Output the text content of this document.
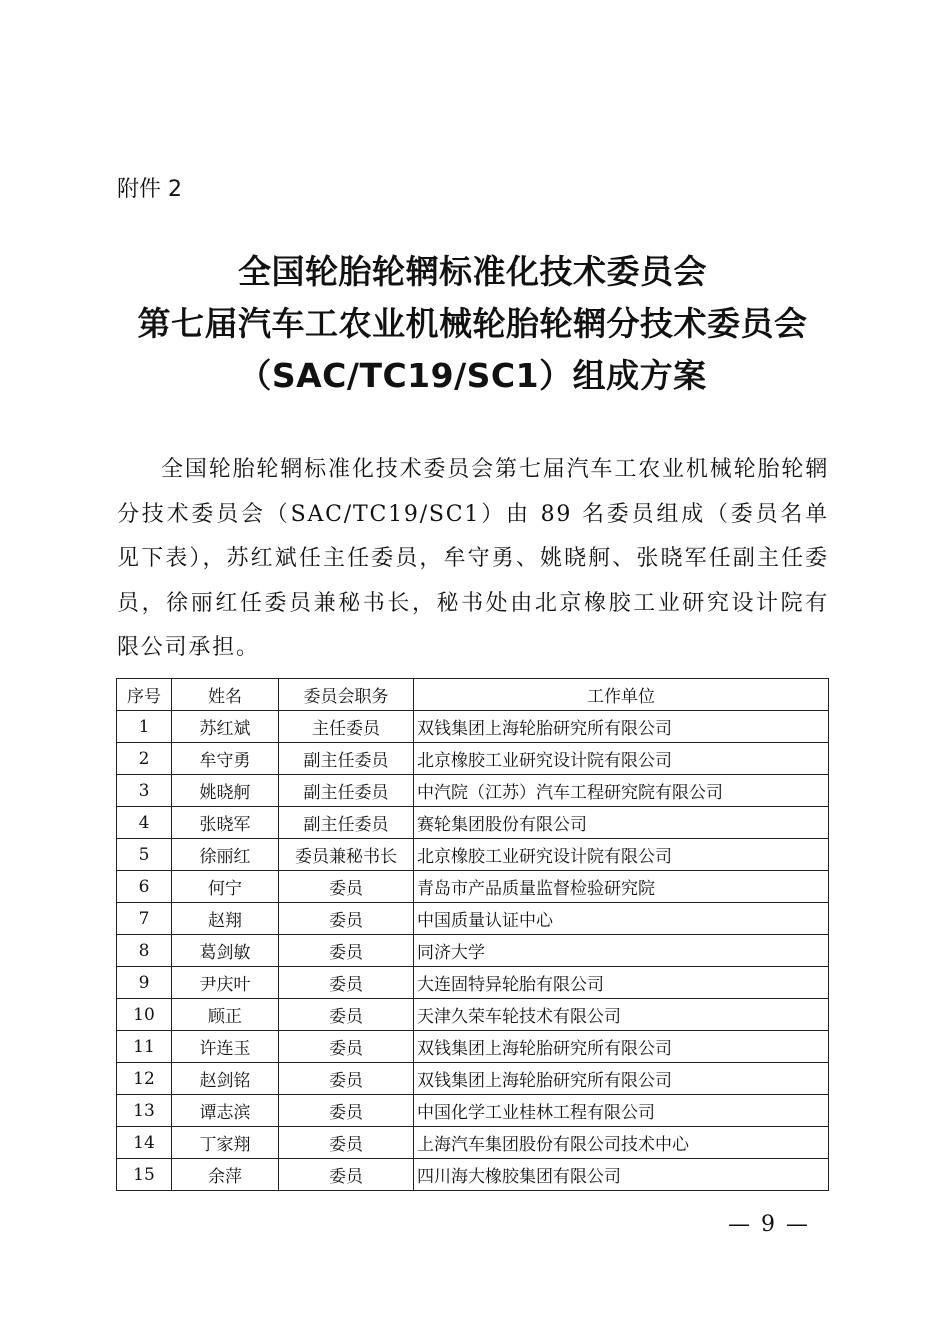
附件 2
全国轮胎轮辋标准化技术委员会
第七届汽车工农业机械轮胎轮辋分技术委员会
（SAC/TC19/SC1）组成方案
全国轮胎轮辋标准化技术委员会第七届汽车工农业机械轮胎轮辋分技术委员会（SAC/TC19/SC1）由 89 名委员组成（委员名单见下表），苏红斌任主任委员，牟守勇、姚晓舸、张晓军任副主任委员，徐丽红任委员兼秘书长，秘书处由北京橡胶工业研究设计院有限公司承担。
序号	姓名	委员会职务	工作单位
1	苏红斌	主任委员	双钱集团上海轮胎研究所有限公司
2	牟守勇	副主任委员	北京橡胶工业研究设计院有限公司
3	姚晓舸	副主任委员	中汽院（江苏）汽车工程研究院有限公司
4	张晓军	副主任委员	赛轮集团股份有限公司
5	徐丽红	委员兼秘书长	北京橡胶工业研究设计院有限公司
6	何宁	委员	青岛市产品质量监督检验研究院
7	赵翔	委员	中国质量认证中心
8	葛剑敏	委员	同济大学
9	尹庆叶	委员	大连固特异轮胎有限公司
10	顾正	委员	天津久荣车轮技术有限公司
11	许连玉	委员	双钱集团上海轮胎研究所有限公司
12	赵剑铭	委员	双钱集团上海轮胎研究所有限公司
13	谭志滨	委员	中国化学工业桂林工程有限公司
14	丁家翔	委员	上海汽车集团股份有限公司技术中心
15	余萍	委员	四川海大橡胶集团有限公司
— 9 —
